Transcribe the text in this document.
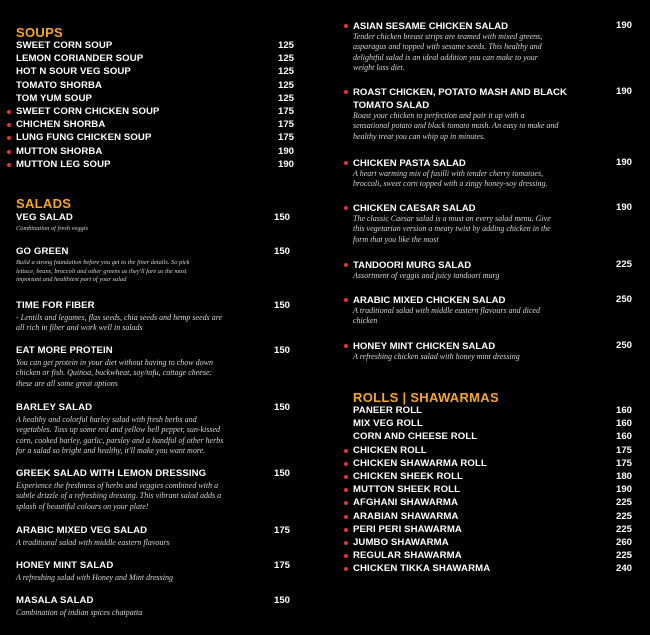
SOUPS
SWEET CORN SOUP	125
LEMON CORIANDER SOUP	125
HOT N SOUR VEG SOUP	125
TOMATO SHORBA	125
TOM YUM SOUP	125
SWEET CORN CHICKEN SOUP	175
CHICHEN SHORBA	175
LUNG FUNG CHICKEN SOUP	175
MUTTON SHORBA	190
MUTTON LEG SOUP	190
SALADS
VEG SALAD	150
Combination of fresh veggis
GO GREEN	150
Build a strong foundation before you get to the finer details. So pick
lettuce, beans, broccoli and other greens as they'll fare as the most
important and healthiest part of your salad
TIME FOR FIBER	150
- Lentils and legumes, flax seeds, chia seeds and hemp seeds are
all rich in fiber and work well in salads
EAT MORE PROTEIN	150
You can get protein in your diet without having to chow down
chicken or fish. Quinoa, buckwheat, soy/tofu, cottage cheese:
these are all some great options
BARLEY SALAD	150
A healthy and colorful barley salad with fresh herbs and
vegetables. Toss up some red and yellow bell pepper, sun-kissed
corn, cooked barley, garlic, parsley and a handful of other herbs
for a salad so bright and healthy, it'll make you want more.
GREEK SALAD WITH LEMON DRESSING	150
Experience the freshness of herbs and veggies combined with a
subtle drizzle of a refreshing dressing. This vibrant salad adds a
splash of beautiful colours on your plate!
ARABIC MIXED VEG SALAD	175
A traditional salad with middle eastern flavours
HONEY MINT SALAD	175
A refreshing salad with Honey and Mint dressing
MASALA SALAD	150
Combination of indian spices chatpatta
ASIAN SESAME CHICKEN SALAD	190
Tender chicken breast strips are teamed with mixed greens,
asparagus and topped with sesame seeds. This healthy and
delightful salad is an ideal addition you can make to your
weight loss diet.
ROAST CHICKEN, POTATO MASH AND BLACK
TOMATO SALAD
190
Roast your chicken to perfection and pair it up with a
sensational potato and black tomato mash. An easy to make and
healthy treat you can whip up in minutes.
CHICKEN PASTA SALAD	190
A heart warming mix of fusilli with tender cherry tomatoes,
broccoli, sweet corn topped with a zingy honey-soy dressing.
CHICKEN CAESAR SALAD	190
The classic Caesar salad is a must on every salad menu. Give
this vegetarian version a meaty twist by adding chicken in the
form that you like the most
TANDOORI MURG SALAD	225
Assortment of veggis and juicy tandoori murg
ARABIC MIXED CHICKEN SALAD	250
A traditional salad with middle eastern flavours and diced
chicken
HONEY MINT CHICKEN SALAD	250
A refreshing chicken salad with honey mint dressing
ROLLS | SHAWARMAS
PANEER ROLL	160
MIX VEG ROLL	160
CORN AND CHEESE ROLL	160
CHICKEN ROLL	175
CHICKEN SHAWARMA ROLL	175
CHICKEN SHEEK ROLL	180
MUTTON SHEEK ROLL	190
AFGHANI SHAWARMA	225
ARABIAN SHAWARMA	225
PERI PERI SHAWARMA	225
JUMBO SHAWARMA	260
REGULAR SHAWARMA	225
CHICKEN TIKKA SHAWARMA	240
